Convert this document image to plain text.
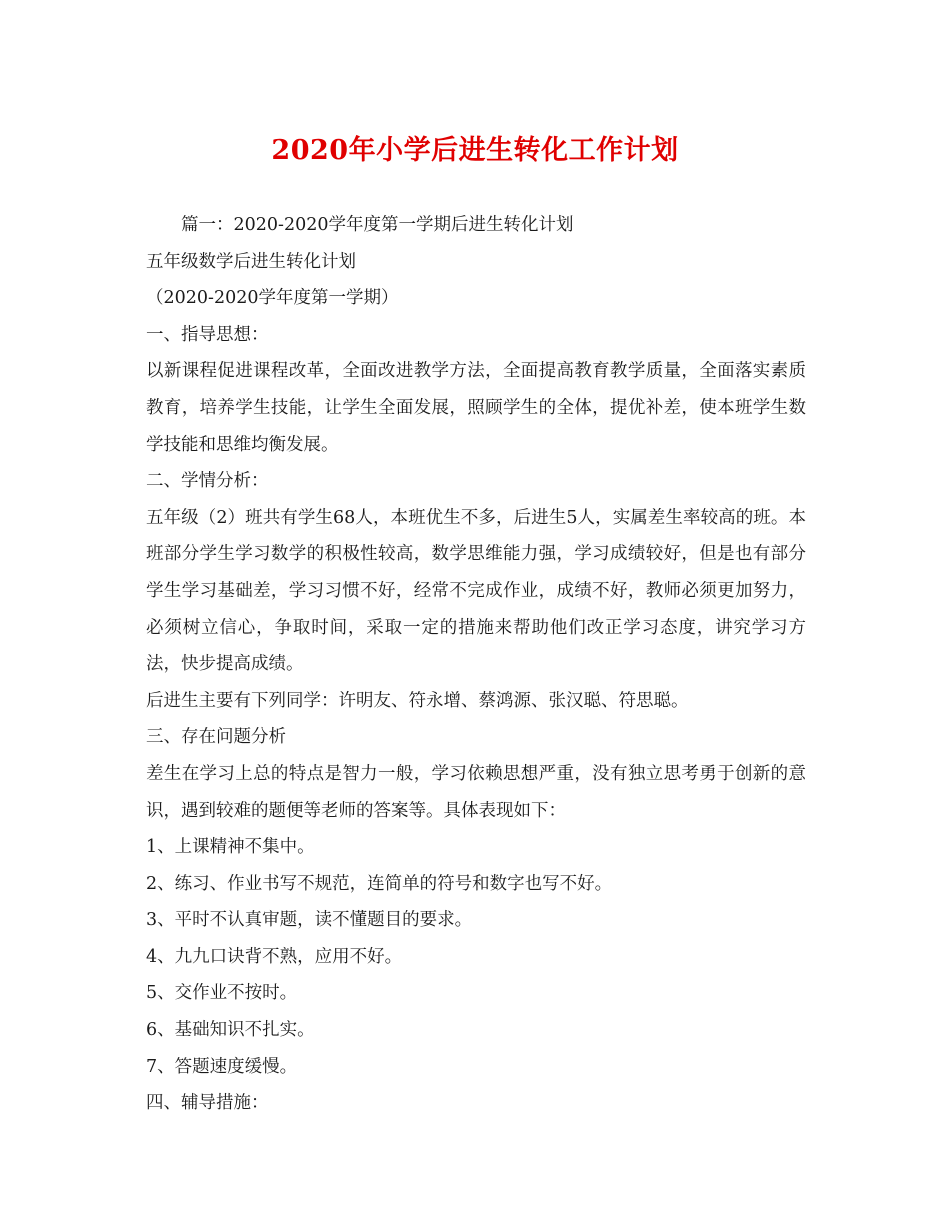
2020年小学后进生转化工作计划

篇一：2020-2020学年度第一学期后进生转化计划

五年级数学后进生转化计划

（2020-2020学年度第一学期）

一、指导思想：

以新课程促进课程改革，全面改进教学方法，全面提高教育教学质量，全面落实素质教育，培养学生技能，让学生全面发展，照顾学生的全体，提优补差，使本班学生数学技能和思维均衡发展。

二、学情分析：

五年级（2）班共有学生68人，本班优生不多，后进生5人，实属差生率较高的班。本班部分学生学习数学的积极性较高，数学思维能力强，学习成绩较好，但是也有部分学生学习基础差，学习习惯不好，经常不完成作业，成绩不好，教师必须更加努力，必须树立信心，争取时间，采取一定的措施来帮助他们改正学习态度，讲究学习方法，快步提高成绩。

后进生主要有下列同学：许明友、符永增、蔡鸿源、张汉聪、符思聪。

三、存在问题分析

差生在学习上总的特点是智力一般，学习依赖思想严重，没有独立思考勇于创新的意识，遇到较难的题便等老师的答案等。具体表现如下：

1、上课精神不集中。

2、练习、作业书写不规范，连简单的符号和数字也写不好。

3、平时不认真审题，读不懂题目的要求。

4、九九口诀背不熟，应用不好。

5、交作业不按时。

6、基础知识不扎实。

7、答题速度缓慢。

四、辅导措施：
